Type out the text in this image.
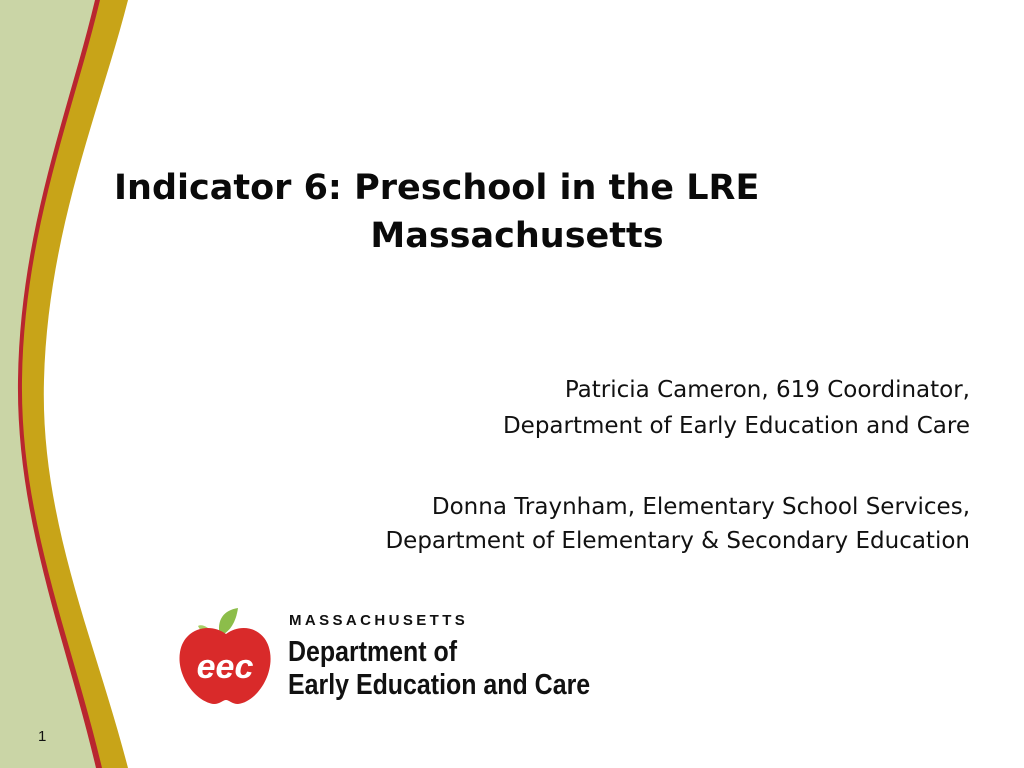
Indicator 6: Preschool in the LRE
Massachusetts
Patricia Cameron, 619 Coordinator,
Department of Early Education and Care
Donna Traynham, Elementary School Services,
Department of Elementary & Secondary Education
eec
MASSACHUSETTS
Department of
Early Education and Care
1
